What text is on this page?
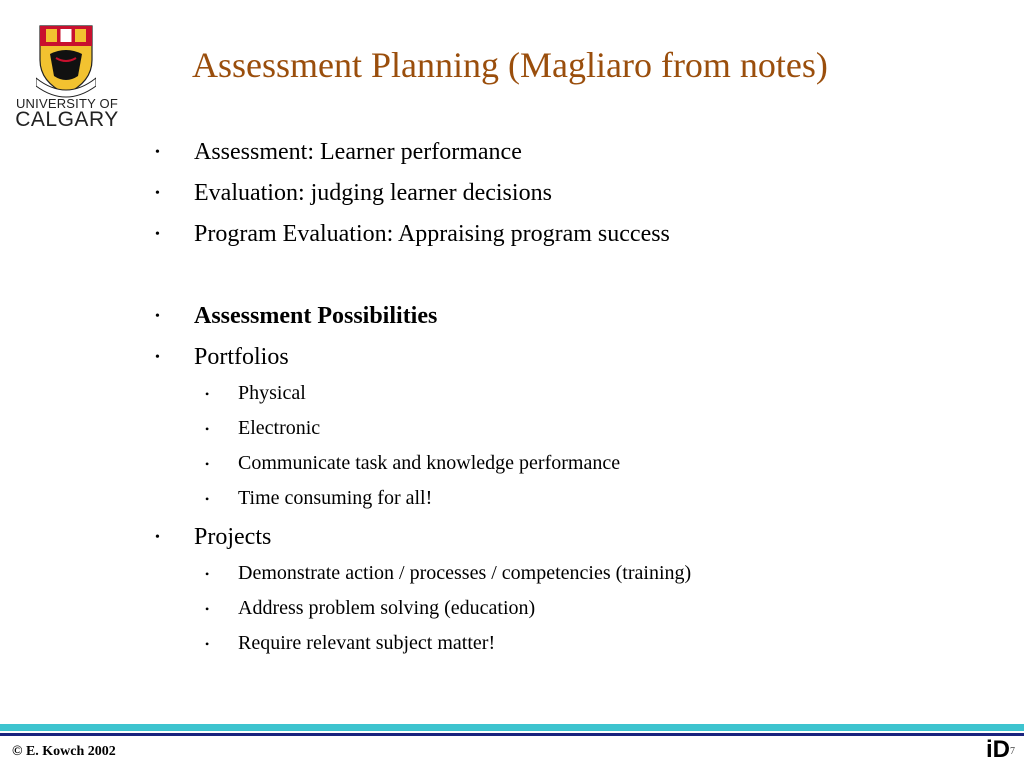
UNIVERSITY OF
CALGARY
Assessment Planning (Magliaro from notes)
• Assessment: Learner performance
• Evaluation: judging learner decisions
• Program Evaluation: Appraising program success
• Assessment Possibilities
• Portfolios
• Physical
• Electronic
• Communicate task and knowledge performance
• Time consuming for all!
• Projects
• Demonstrate action / processes / competencies (training)
• Address problem solving (education)
• Require relevant subject matter!
© E. Kowch 2002	iD 7
